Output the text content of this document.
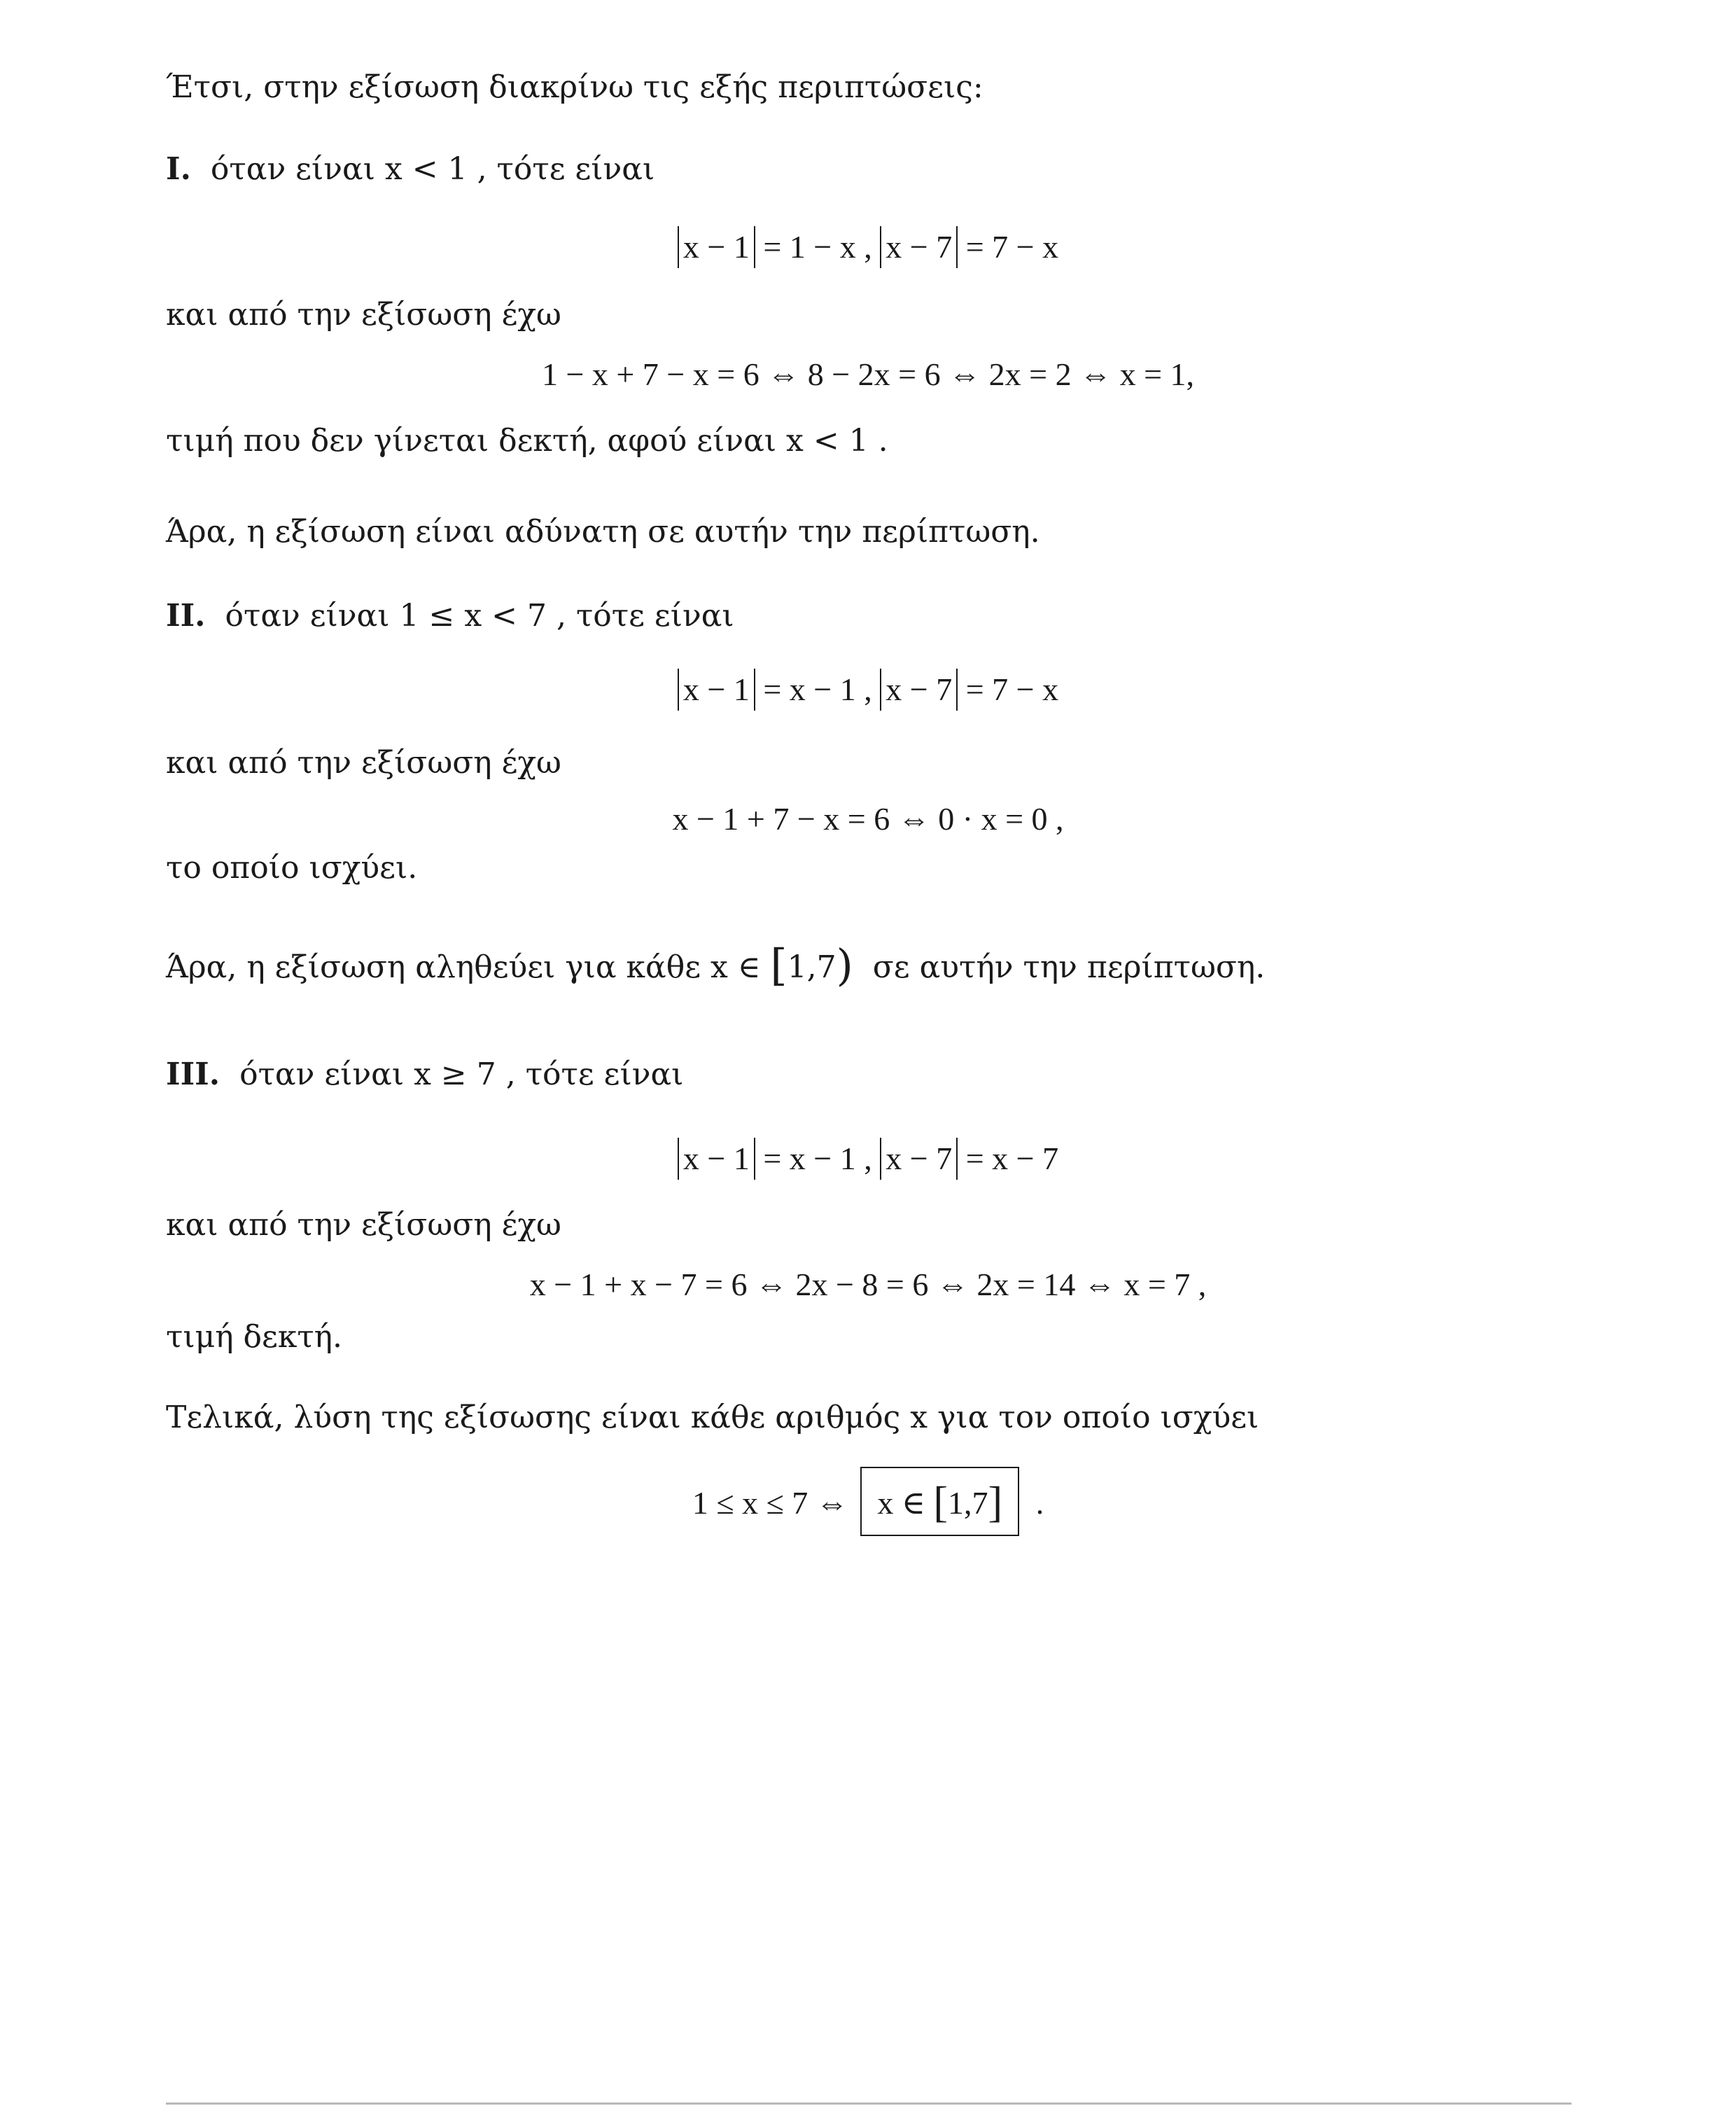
Έτσι, στην εξίσωση διακρίνω τις εξής περιπτώσεις:
I. όταν είναι x < 1 , τότε είναι
x − 1 = 1 − x , x − 7 = 7 − x
και από την εξίσωση έχω
1 − x + 7 − x = 6 ⇔ 8 − 2x = 6 ⇔ 2x = 2 ⇔ x = 1,
τιμή που δεν γίνεται δεκτή, αφού είναι x < 1 .
Άρα, η εξίσωση είναι αδύνατη σε αυτήν την περίπτωση.
II. όταν είναι 1 ≤ x < 7 , τότε είναι
x − 1 = x − 1 , x − 7 = 7 − x
και από την εξίσωση έχω
x − 1 + 7 − x = 6 ⇔ 0 · x = 0 ,
το οποίο ισχύει.
Άρα, η εξίσωση αληθεύει για κάθε x ∈ [1,7) σε αυτήν την περίπτωση.
III. όταν είναι x ≥ 7 , τότε είναι
x − 1 = x − 1 , x − 7 = x − 7
και από την εξίσωση έχω
x − 1 + x − 7 = 6 ⇔ 2x − 8 = 6 ⇔ 2x = 14 ⇔ x = 7 ,
τιμή δεκτή.
Τελικά, λύση της εξίσωσης είναι κάθε αριθμός x για τον οποίο ισχύει
1 ≤ x ≤ 7 ⇔ x ∈ [1,7] .
